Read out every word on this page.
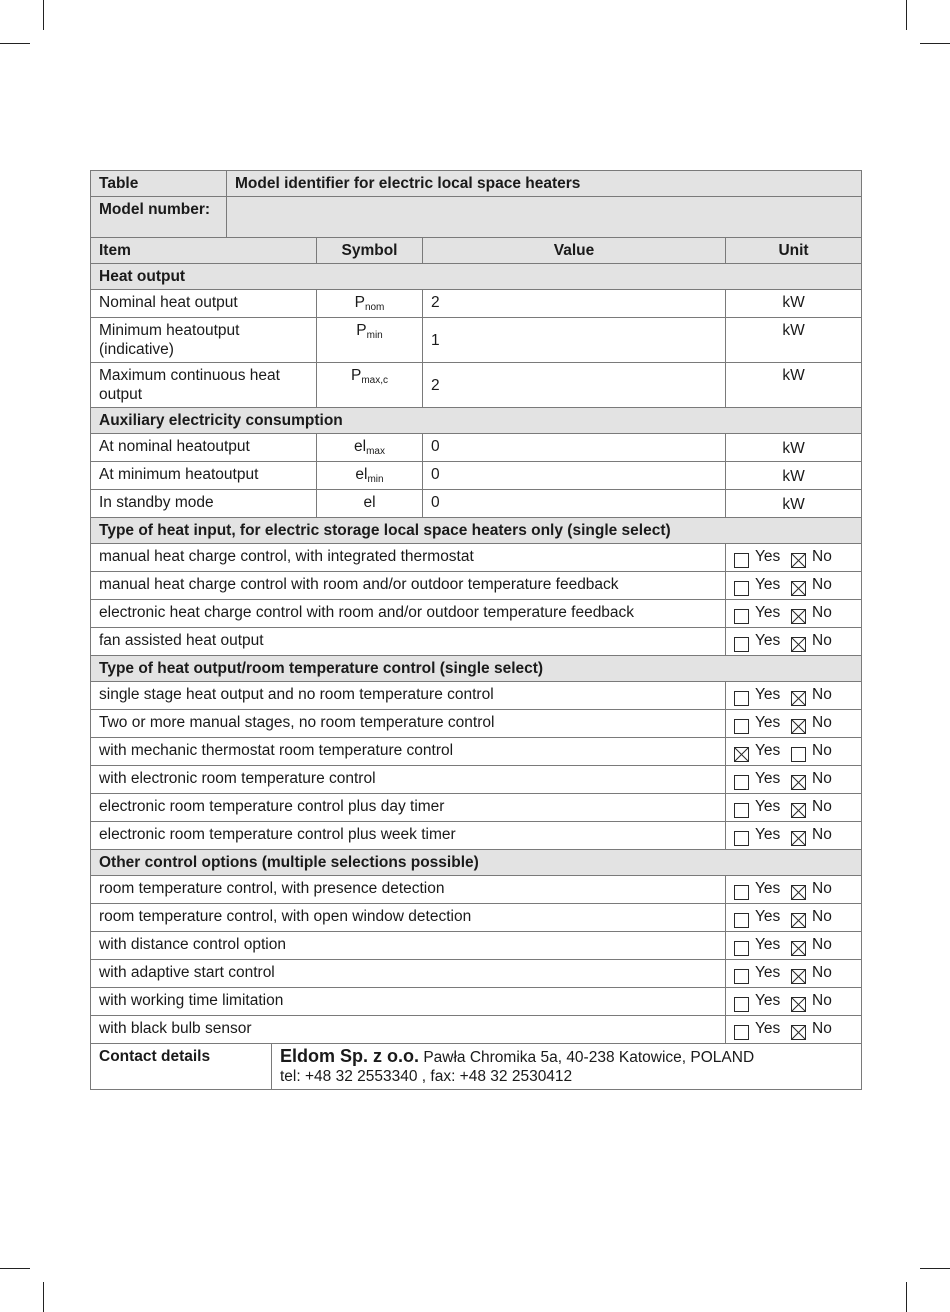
Table	Model identifier for electric local space heaters				
Model number:					
Item			Symbol	Value	Unit
Heat output					
Nominal heat output			Pnom	2	kW
Minimum heatoutput (indicative)			Pmin	1	kW
Maximum continuous heat output			Pmax,c	2	kW
Auxiliary electricity consumption					
At nominal heatoutput			elmax	0	kW
At minimum heatoutput			elmin	0	kW
In standby mode			el	0	kW
Type of heat input, for electric storage local space heaters only (single select)					
manual heat charge control, with integrated thermostat					Yes No
manual heat charge control with room and/or outdoor temperature feedback					Yes No
electronic heat charge control with room and/or outdoor temperature feedback					Yes No
fan assisted heat output					Yes No
Type of heat output/room temperature control (single select)					
single stage heat output and no room temperature control					Yes No
Two or more manual stages, no room temperature control					Yes No
with mechanic thermostat room temperature control					Yes No
with electronic room temperature control					Yes No
electronic room temperature control plus day timer					Yes No
electronic room temperature control plus week timer					Yes No
Other control options (multiple selections possible)					
room temperature control, with presence detection					Yes No
room temperature control, with open window detection					Yes No
with distance control option					Yes No
with adaptive start control					Yes No
with working time limitation					Yes No
with black bulb sensor					Yes No
Contact details		Eldom Sp. z o.o. Pawła Chromika 5a, 40-238 Katowice, POLAND
tel: +48 32 2553340 , fax: +48 32 2530412			
